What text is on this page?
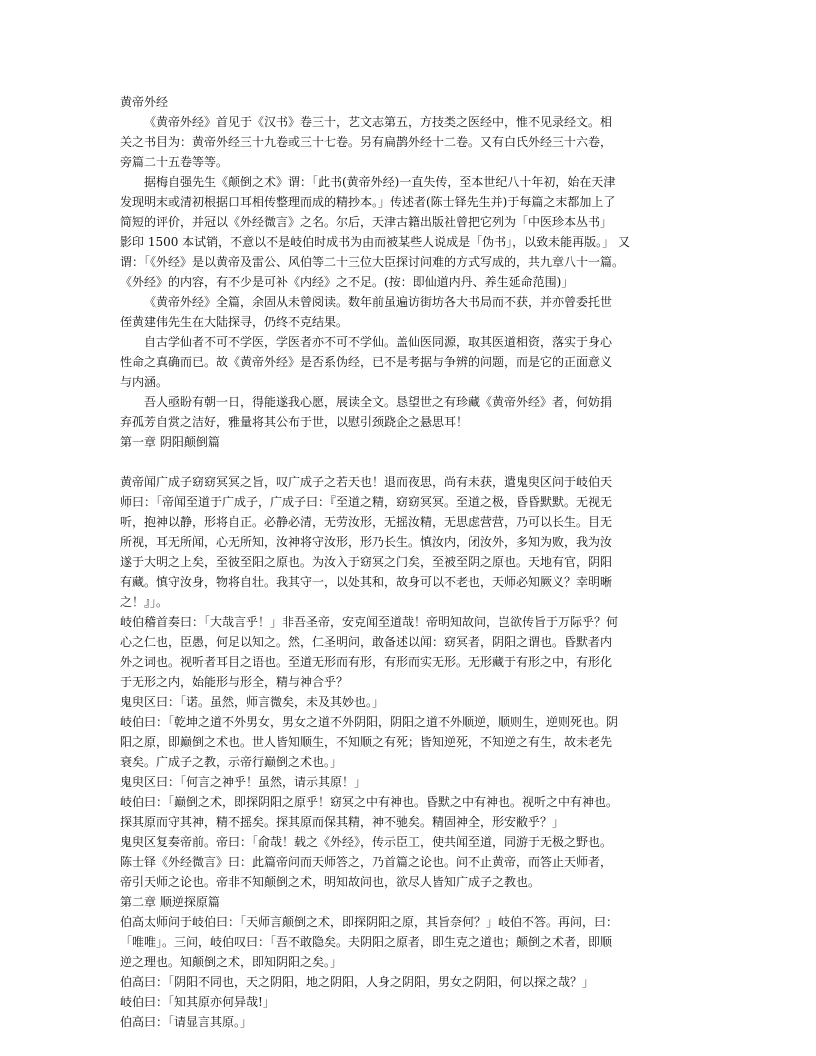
黄帝外经
《黄帝外经》首见于《汉书》卷三十，艺文志第五，方技类之医经中，惟不见录经文。相
关之书目为：黄帝外经三十九卷或三十七卷。另有扁鹊外经十二卷。又有白氏外经三十六卷，
旁篇二十五卷等等。
据梅自强先生《颠倒之术》谓：「此书(黄帝外经)一直失传，至本世纪八十年初，始在天津
发现明末或清初根据口耳相传整理而成的精抄本。」传述者(陈士铎先生并)于每篇之末都加上了
简短的评价，并冠以《外经微言》之名。尔后，天津古籍出版社曾把它列为「中医珍本丛书」
影印 1500 本试销，不意以不是岐伯时成书为由而被某些人说成是「伪书」，以致未能再版。」 又
谓：「《外经》是以黄帝及雷公、风伯等二十三位大臣探讨问难的方式写成的，共九章八十一篇。
《外经》的内容，有不少是可补《内经》之不足。(按：即仙道内丹、养生延命范围)」
《黄帝外经》全篇，余固从未曾阅读。数年前虽遍访街坊各大书局而不获，并亦曾委托世
侄黄建伟先生在大陆探寻，仍终不克结果。
自古学仙者不可不学医，学医者亦不可不学仙。盖仙医同源，取其医道相资，落实于身心
性命之真确而已。故《黄帝外经》是否系伪经，已不是考据与争辨的问题，而是它的正面意义
与内涵。
吾人亟盼有朝一日，得能遂我心愿，展读全文。恳望世之有珍藏《黄帝外经》者，何妨捐
弃孤芳自赏之洁好，雅量将其公布于世，以慰引颈跷企之悬思耳！
第一章 阴阳颠倒篇
黄帝闻广成子窈窈冥冥之旨，叹广成子之若天也！退而夜思，尚有未获，遣鬼臾区问于岐伯天
师曰：「帝闻至道于广成子，广成子曰：『至道之精，窈窈冥冥。至道之极，昏昏默默。无视无
听，抱神以静，形将自正。必静必清，无劳汝形，无摇汝精，无思虑营营，乃可以长生。目无
所视，耳无所闻，心无所知，汝神将守汝形，形乃长生。慎汝内，闭汝外，多知为败，我为汝
遂于大明之上矣，至彼至阳之原也。为汝入于窈冥之门矣，至被至阴之原也。天地有官，阴阳
有藏。慎守汝身，物将自壮。我其守一，以处其和，故身可以不老也，天师必知厥义？幸明晰
之！』」。
岐伯稽首奏曰：「大哉言乎！」非吾圣帝，安克闻至道哉！帝明知故问，岂欲传旨于万际乎？何
心之仁也，臣愚，何足以知之。然，仁圣明问，敢备述以闻：窈冥者，阴阳之谓也。昏默者内
外之词也。视听者耳目之语也。至道无形而有形，有形而实无形。无形藏于有形之中，有形化
于无形之内，始能形与形全，精与神合乎？
鬼臾区曰：「诺。虽然，师言微矣，未及其妙也。」
岐伯曰：「乾坤之道不外男女，男女之道不外阴阳，阴阳之道不外顺逆，顺则生，逆则死也。阴
阳之原，即巅倒之术也。世人皆知顺生，不知顺之有死；皆知逆死，不知逆之有生，故未老先
衰矣。广成子之教，示帝行巅倒之术也。」
鬼臾区曰：「何言之神乎！虽然，请示其原！」
岐伯曰：「巅倒之术，即探阴阳之原乎！窈冥之中有神也。昏默之中有神也。视听之中有神也。
探其原而守其神，精不摇矣。探其原而保其精，神不驰矣。精固神全，形安敝乎？」
鬼臾区复奏帝前。帝曰：「俞哉！载之《外经》，传示臣工，使共闻至道，同游于无极之野也。
陈士铎《外经微言》曰：此篇帝问而天师答之，乃首篇之论也。问不止黄帝，而答止天师者，
帝引天师之论也。帝非不知颠倒之术，明知故问也，欲尽人皆知广成子之教也。
第二章 顺逆探原篇
伯高太师问于岐伯曰：「天师言颠倒之术，即探阴阳之原，其旨奈何？」岐伯不答。再问，曰：
「唯唯」。三问，岐伯叹曰：「吾不敢隐矣。夫阴阳之原者，即生克之道也；颠倒之术者，即顺
逆之理也。知颠倒之术，即知阴阳之矣。」
伯高曰：「阴阳不同也，天之阴阳，地之阴阳，人身之阴阳，男女之阴阳，何以探之哉？」
岐伯曰：「知其原亦何异哉!」
伯高曰：「请显言其原。」
